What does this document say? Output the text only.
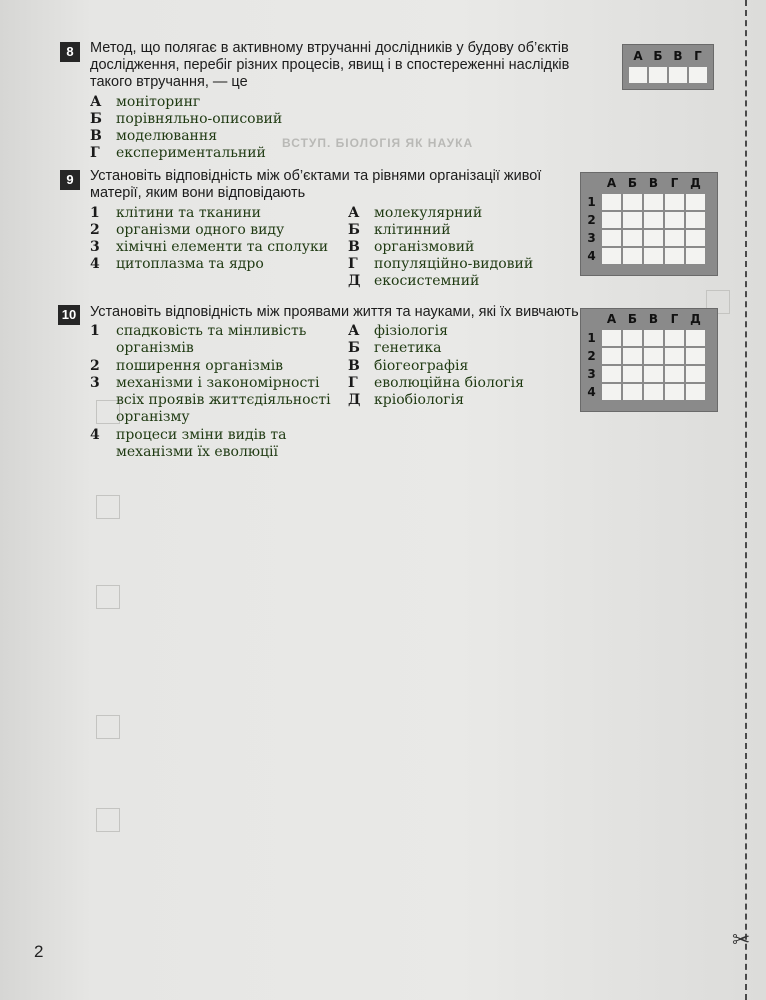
ВСТУП. БІОЛОГІЯ ЯК НАУКА
✂
8	Метод, що полягає в активному втручанні дослідників у будову об’єктів
дослідження, перебіг різних процесів, явищ і в спостереженні наслідків
такого втручання, — це
А моніторинг
Б порівняльно-описовий
В моделювання
Г експериментальний
А	Б	В	Г

9	Установіть відповідність між об’єктами та рівнями організації живої
матерії, яким вони відповідають
1 клітини та тканини
2 організми одного виду
3 хімічні елементи та сполуки
4 цитоплазма та ядро
А молекулярний
Б клітинний
В організмовий
Г популяційно-видовий
Д екосистемний
	А	Б	В	Г	Д
1					
2					
3					
4					
10 Установіть відповідність між проявами життя та науками, які їх вивчають
1 спадковість та мінливість
організмів
2 поширення організмів
3 механізми і закономірності
всіх проявів життєдіяльності
організму
4 процеси зміни видів та
механізми їх еволюції
А фізіологія
Б генетика
В біогеографія
Г еволюційна біологія
Д кріобіологія
	А	Б	В	Г	Д
1					
2					
3					
4					
2
